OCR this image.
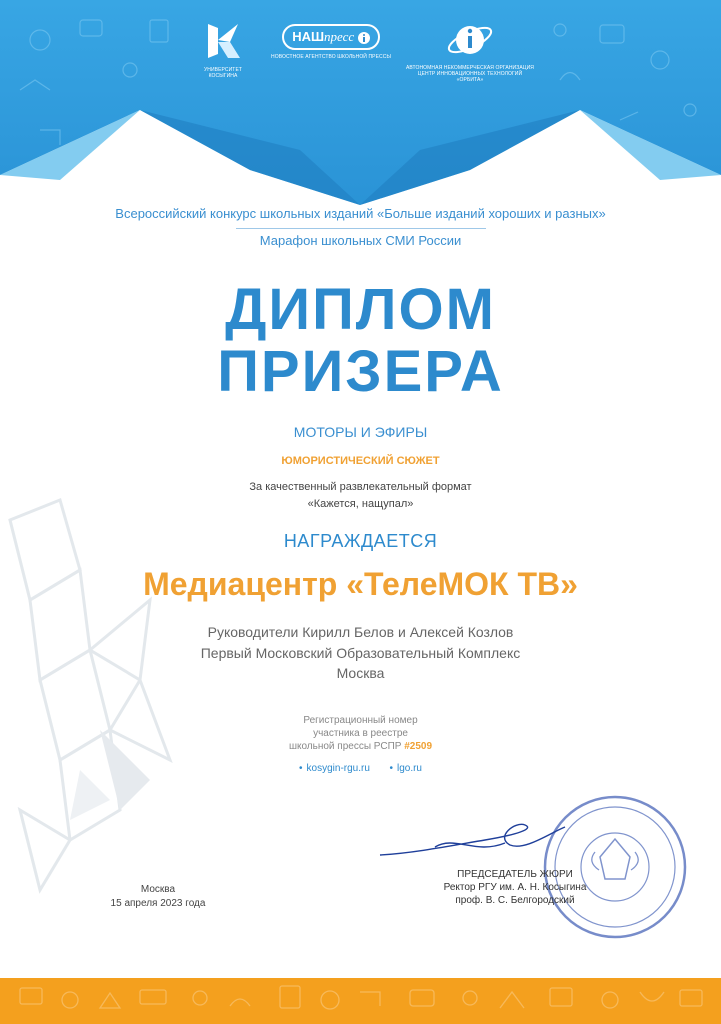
УНИВЕРСИТЕТ КОСЫГИНА
НАШпресс
НОВОСТНОЕ АГЕНТСТВО ШКОЛЬНОЙ ПРЕССЫ
АВТОНОМНАЯ НЕКОММЕРЧЕСКАЯ ОРГАНИЗАЦИЯ ЦЕНТР ИННОВАЦИОННЫХ ТЕХНОЛОГИЙ «ОРБИТА»
Всероссийский конкурс школьных изданий «Больше изданий хороших и разных»
Марафон школьных СМИ России
ДИПЛОМ
ПРИЗЕРА
МОТОРЫ И ЭФИРЫ
ЮМОРИСТИЧЕСКИЙ СЮЖЕТ
За качественный развлекательный формат
«Кажется, нащупал»
НАГРАЖДАЕТСЯ
Медиацентр «ТелеМОК ТВ»
Руководители Кирилл Белов и Алексей Козлов
Первый Московский Образовательный Комплекс
Москва
Регистрационный номер
участника в реестре
школьной прессы РСПР #2509
• kosygin-rgu.ru • lgo.ru
Москва
15 апреля 2023 года
ПРЕДСЕДАТЕЛЬ ЖЮРИ
Ректор РГУ им. А. Н. Косыгина
проф. В. С. Белгородский
